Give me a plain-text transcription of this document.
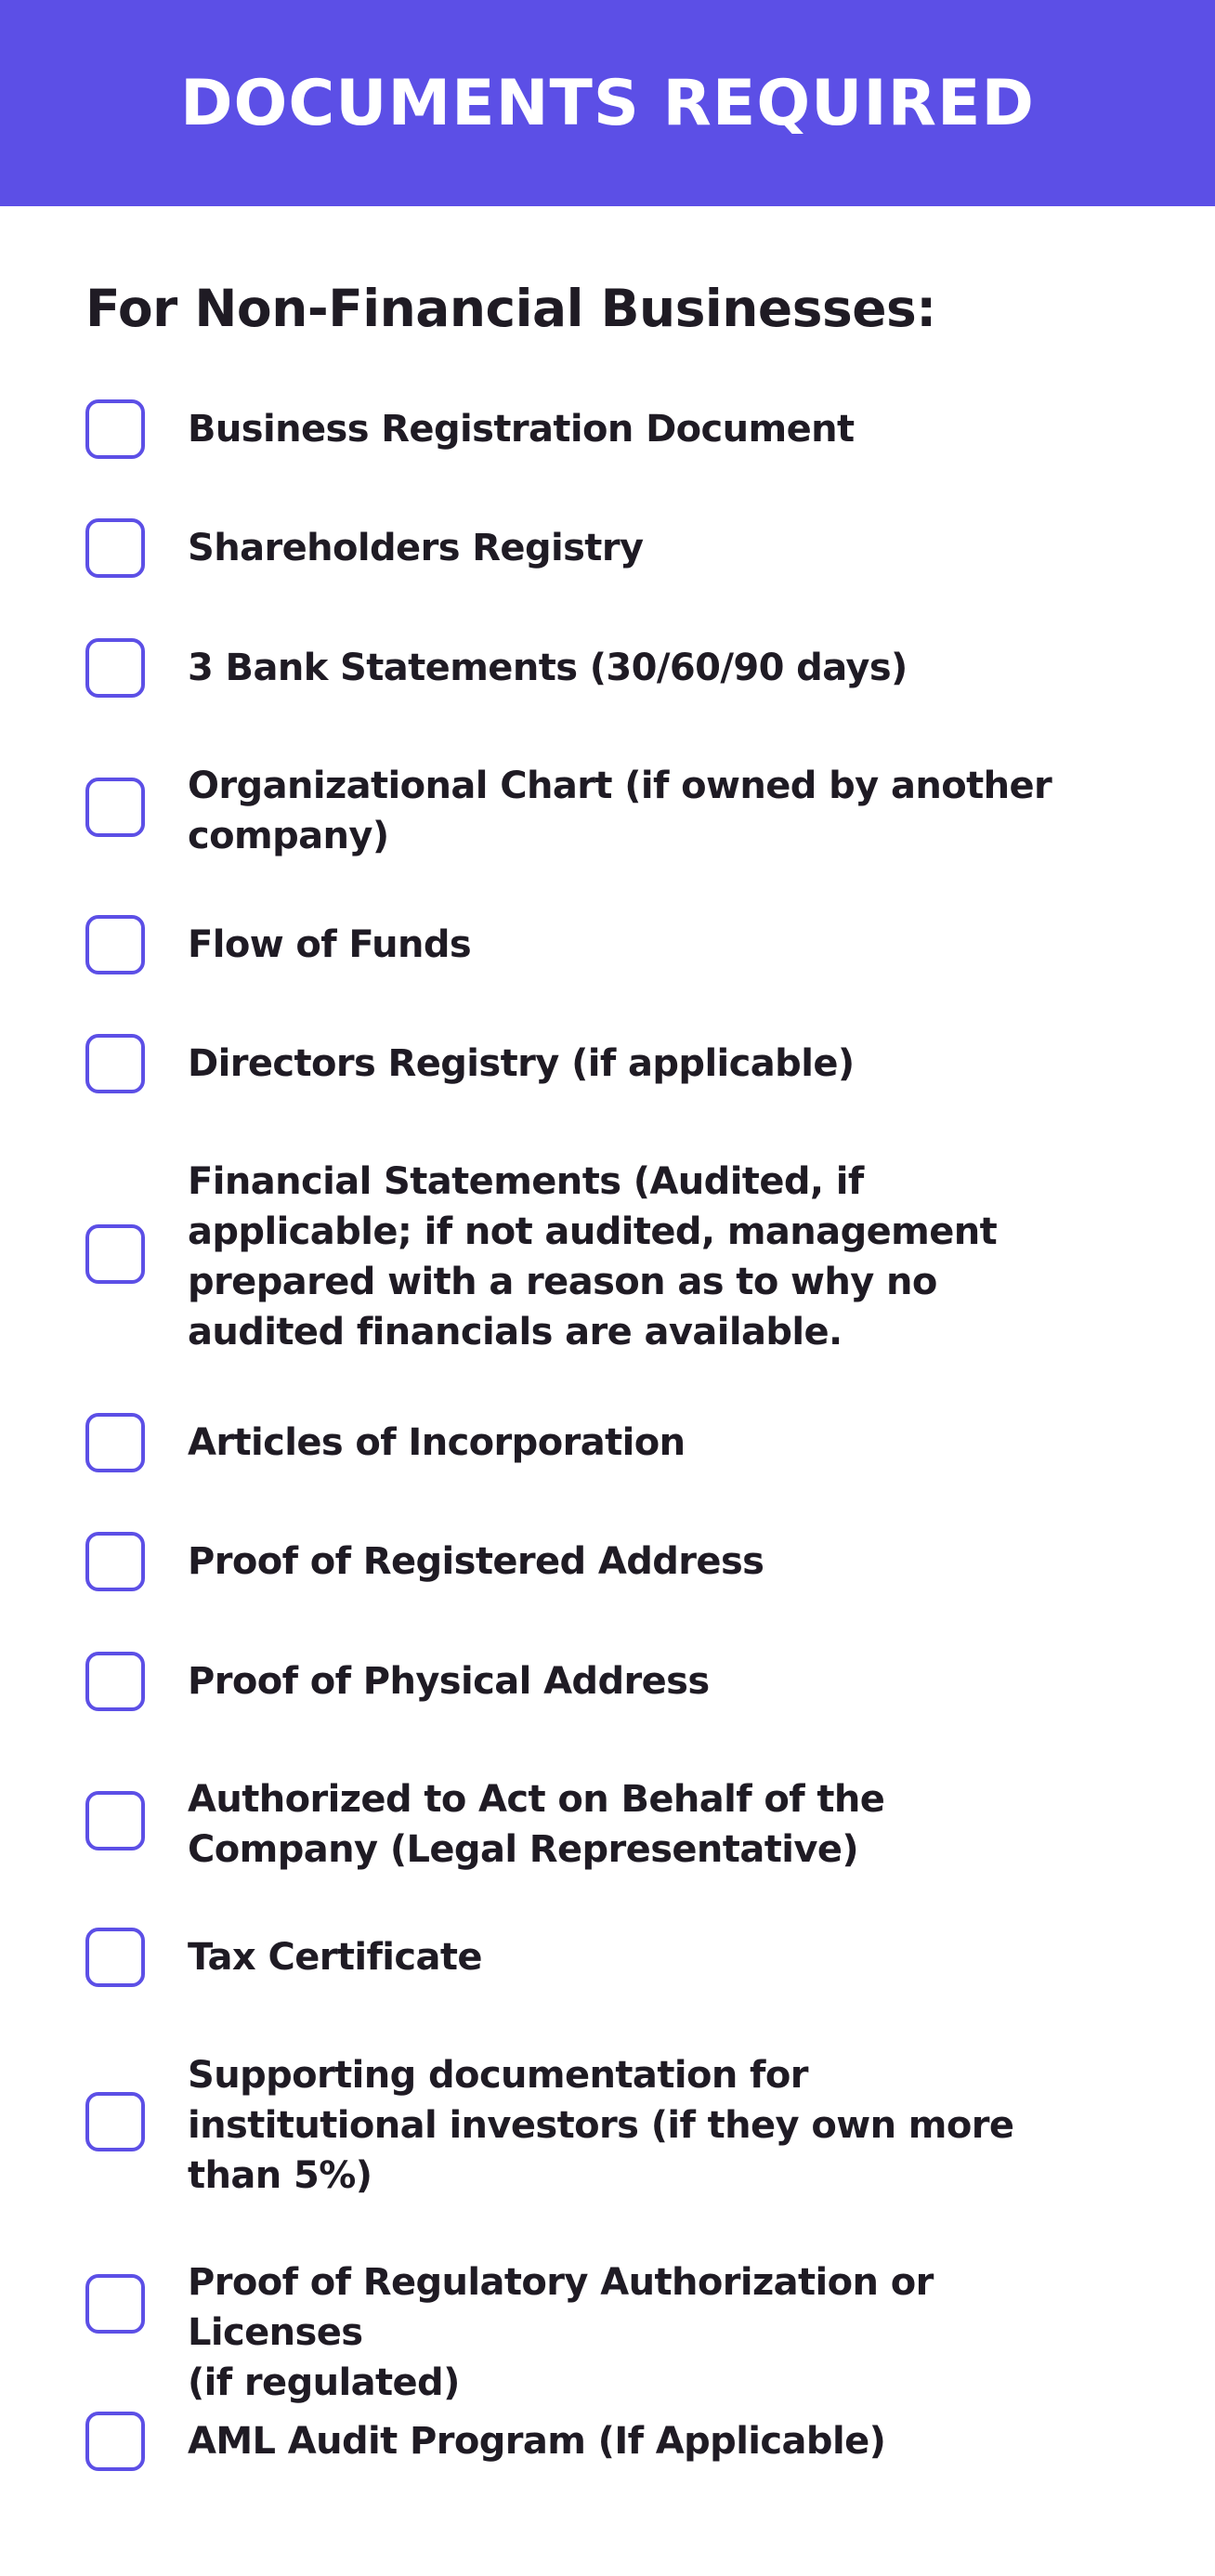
DOCUMENTS REQUIRED
For Non-Financial Businesses:
Business Registration Document
Shareholders Registry
3 Bank Statements (30/60/90 days)
Organizational Chart (if owned by another
company)
Flow of Funds
Directors Registry (if applicable)
Financial Statements (Audited, if
applicable; if not audited, management
prepared with a reason as to why no
audited financials are available.
Articles of Incorporation
Proof of Registered Address
Proof of Physical Address
Authorized to Act on Behalf of the
Company (Legal Representative)
Tax Certificate
Supporting documentation for
institutional investors (if they own more
than 5%)
Proof of Regulatory Authorization or Licenses
(if regulated)
AML Audit Program (If Applicable)
